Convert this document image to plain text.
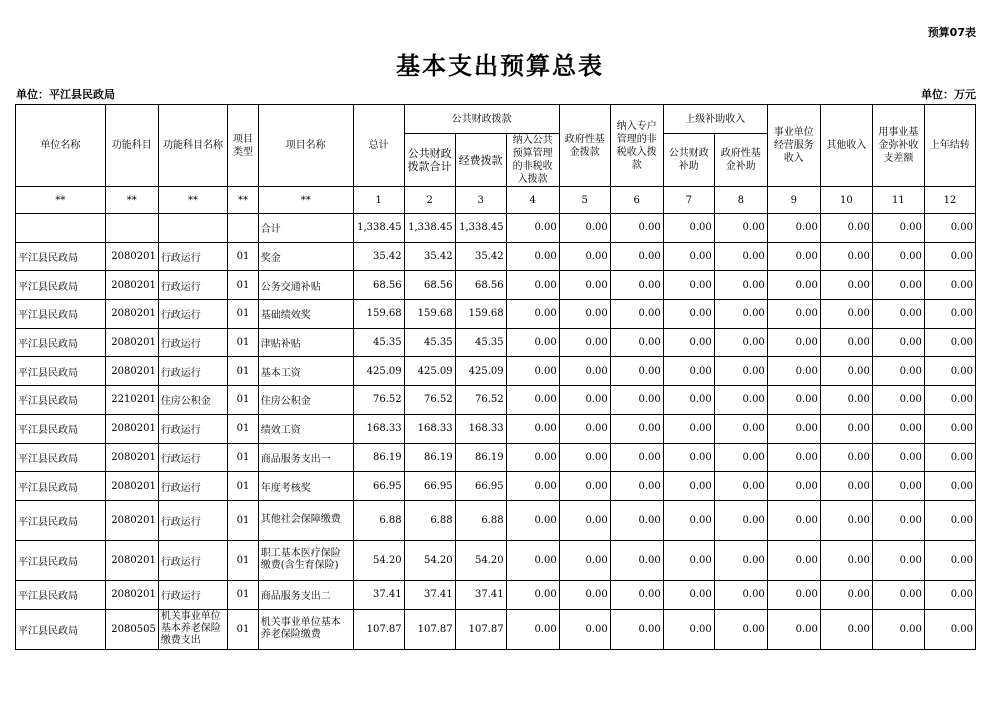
预算07表
基本支出预算总表
单位：平江县民政局	单位：万元
单位名称	功能科目	功能科目名称	项目类型	项目名称	总计	公共财政拨款			政府性基金拨款	纳入专户管理的非税收入拨款	上级补助收入		事业单位经营服务收入	其他收入	用事业基金弥补收支差额	上年结转
						公共财政拨款合计	经费拨款	纳入公共预算管理的非税收入拨款			公共财政补助	政府性基金补助				
**	**	**	**	**	1	2	3	4	5	6	7	8	9	10	11	12
				合计	1,338.45	1,338.45	1,338.45	0.00	0.00	0.00	0.00	0.00	0.00	0.00	0.00	0.00
平江县民政局	2080201	行政运行	01	奖金	35.42	35.42	35.42	0.00	0.00	0.00	0.00	0.00	0.00	0.00	0.00	0.00
平江县民政局	2080201	行政运行	01	公务交通补贴	68.56	68.56	68.56	0.00	0.00	0.00	0.00	0.00	0.00	0.00	0.00	0.00
平江县民政局	2080201	行政运行	01	基础绩效奖	159.68	159.68	159.68	0.00	0.00	0.00	0.00	0.00	0.00	0.00	0.00	0.00
平江县民政局	2080201	行政运行	01	津贴补贴	45.35	45.35	45.35	0.00	0.00	0.00	0.00	0.00	0.00	0.00	0.00	0.00
平江县民政局	2080201	行政运行	01	基本工资	425.09	425.09	425.09	0.00	0.00	0.00	0.00	0.00	0.00	0.00	0.00	0.00
平江县民政局	2210201	住房公积金	01	住房公积金	76.52	76.52	76.52	0.00	0.00	0.00	0.00	0.00	0.00	0.00	0.00	0.00
平江县民政局	2080201	行政运行	01	绩效工资	168.33	168.33	168.33	0.00	0.00	0.00	0.00	0.00	0.00	0.00	0.00	0.00
平江县民政局	2080201	行政运行	01	商品服务支出一	86.19	86.19	86.19	0.00	0.00	0.00	0.00	0.00	0.00	0.00	0.00	0.00
平江县民政局	2080201	行政运行	01	年度考核奖	66.95	66.95	66.95	0.00	0.00	0.00	0.00	0.00	0.00	0.00	0.00	0.00
平江县民政局	2080201	行政运行	01	其他社会保障缴费	6.88	6.88	6.88	0.00	0.00	0.00	0.00	0.00	0.00	0.00	0.00	0.00
平江县民政局	2080201	行政运行	01	职工基本医疗保险缴费(含生育保险)	54.20	54.20	54.20	0.00	0.00	0.00	0.00	0.00	0.00	0.00	0.00	0.00
平江县民政局	2080201	行政运行	01	商品服务支出二	37.41	37.41	37.41	0.00	0.00	0.00	0.00	0.00	0.00	0.00	0.00	0.00
平江县民政局	2080505	机关事业单位基本养老保险缴费支出	01	机关事业单位基本养老保险缴费	107.87	107.87	107.87	0.00	0.00	0.00	0.00	0.00	0.00	0.00	0.00	0.00
